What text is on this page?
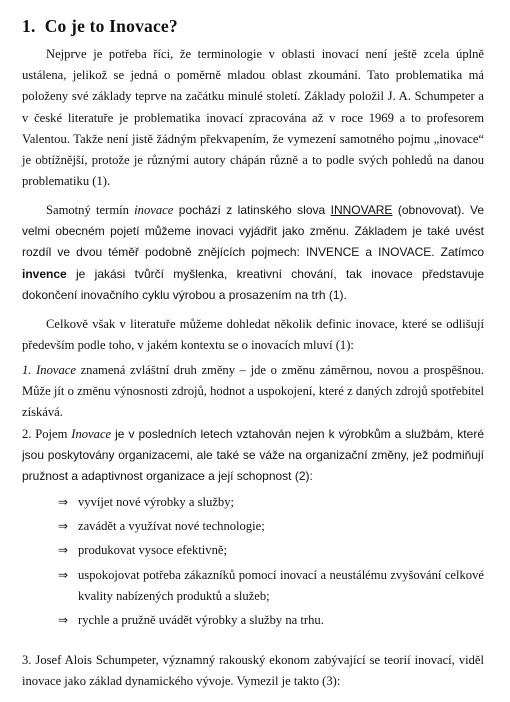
1. Co je to Inovace?

Nejprve je potřeba říci, že terminologie v oblasti inovací není ještě zcela úplně ustálena, jelikož se jedná o poměrně mladou oblast zkoumání. Tato problematika má položeny své základy teprve na začátku minulé století. Základy položil J. A. Schumpeter a v české literatuře je problematika inovací zpracována až v roce 1969 a to profesorem Valentou. Takže není jistě žádným překvapením, že vymezení samotného pojmu „inovace“ je obtížnější, protože je různými autory chápán různě a to podle svých pohledů na danou problematiku (1).

Samotný termín inovace pochází z latinského slova INNOVARE (obnovovat). Ve velmi obecném pojetí můžeme inovaci vyjádřit jako změnu. Základem je také uvést rozdíl ve dvou téměř podobně znějících pojmech: INVENCE a INOVACE. Zatímco invence je jakási tvůrčí myšlenka, kreativní chování, tak inovace představuje dokončení inovačního cyklu výrobou a prosazením na trh (1).

Celkově však v literatuře můžeme dohledat několik definic inovace, které se odlišují především podle toho, v jakém kontextu se o inovacích mluví (1):

1. Inovace znamená zvláštní druh změny – jde o změnu záměrnou, novou a prospěšnou. Může jít o změnu výnosnosti zdrojů, hodnot a uspokojení, které z daných zdrojů spotřebitel získává.

2. Pojem Inovace je v posledních letech vztahován nejen k výrobkům a službám, které jsou poskytovány organizacemi, ale také se váže na organizační změny, jež podmiňují pružnost a adaptivnost organizace a její schopnost (2):

⇒ vyvíjet nové výrobky a služby;
⇒ zavádět a využívat nové technologie;
⇒ produkovat vysoce efektivně;
⇒ uspokojovat potřeba zákazníků pomocí inovací a neustálému zvyšování celkové kvality nabízených produktů a služeb;
⇒ rychle a pružně uvádět výrobky a služby na trhu.

3. Josef Alois Schumpeter, významný rakouský ekonom zabývající se teorií inovací, viděl inovace jako základ dynamického vývoje. Vymezil je takto (3):
